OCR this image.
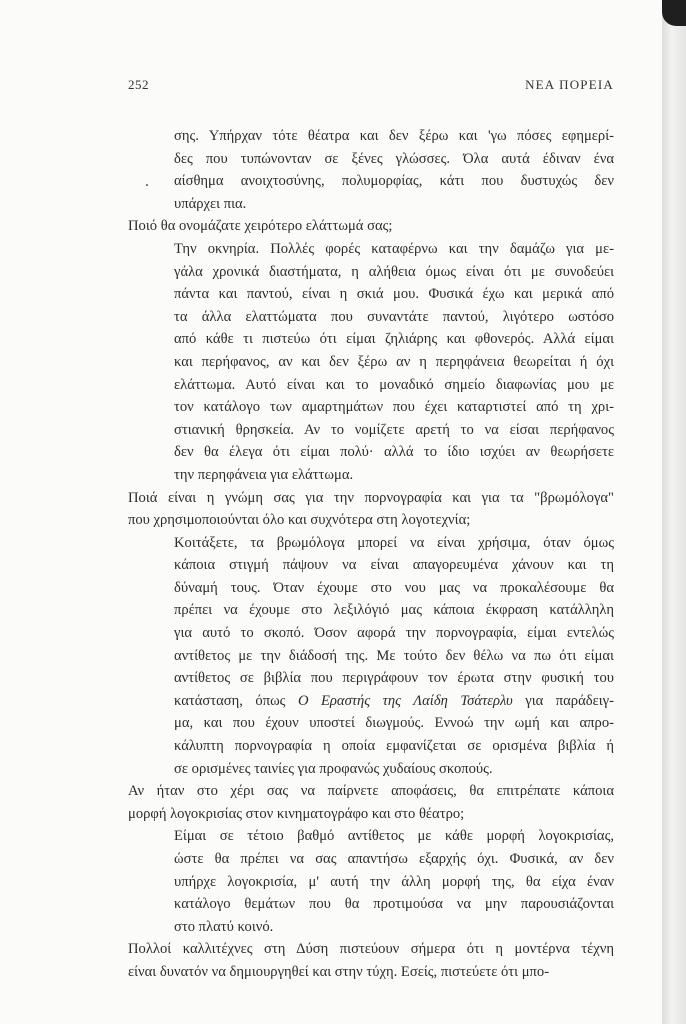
252	ΝΕΑ ΠΟΡΕΙΑ
σης. Υπήρχαν τότε θέατρα και δεν ξέρω και 'γω πόσες εφημερί-
δες που τυπώνονταν σε ξένες γλώσσες. Όλα αυτά έδιναν ένα
αίσθημα ανοιχτοσύνης, πολυμορφίας, κάτι που δυστυχώς δεν
υπάρχει πια.
Ποιό θα ονομάζατε χειρότερο ελάττωμά σας;
Την οκνηρία. Πολλές φορές καταφέρνω και την δαμάζω για με-
γάλα χρονικά διαστήματα, η αλήθεια όμως είναι ότι με συνοδεύει
πάντα και παντού, είναι η σκιά μου. Φυσικά έχω και μερικά από
τα άλλα ελαττώματα που συναντάτε παντού, λιγότερο ωστόσο
από κάθε τι πιστεύω ότι είμαι ζηλιάρης και φθονερός. Αλλά είμαι
και περήφανος, αν και δεν ξέρω αν η περηφάνεια θεωρείται ή όχι
ελάττωμα. Αυτό είναι και το μοναδικό σημείο διαφωνίας μου με
τον κατάλογο των αμαρτημάτων που έχει καταρτιστεί από τη χρι-
στιανική θρησκεία. Αν το νομίζετε αρετή το να είσαι περήφανος
δεν θα έλεγα ότι είμαι πολύ· αλλά το ίδιο ισχύει αν θεωρήσετε
την περηφάνεια για ελάττωμα.
Ποιά είναι η γνώμη σας για την πορνογραφία και για τα "βρωμόλογα"
που χρησιμοποιούνται όλο και συχνότερα στη λογοτεχνία;
Κοιτάξετε, τα βρωμόλογα μπορεί να είναι χρήσιμα, όταν όμως
κάποια στιγμή πάψουν να είναι απαγορευμένα χάνουν και τη
δύναμή τους. Όταν έχουμε στο νου μας να προκαλέσουμε θα
πρέπει να έχουμε στο λεξιλόγιό μας κάποια έκφραση κατάλληλη
για αυτό το σκοπό. Όσον αφορά την πορνογραφία, είμαι εντελώς
αντίθετος με την διάδοσή της. Με τούτο δεν θέλω να πω ότι είμαι
αντίθετος σε βιβλία που περιγράφουν τον έρωτα στην φυσική του
κατάσταση, όπως Ο Εραστής της Λαίδη Τσάτερλυ για παράδειγ-
μα, και που έχουν υποστεί διωγμούς. Εννοώ την ωμή και απρο-
κάλυπτη πορνογραφία η οποία εμφανίζεται σε ορισμένα βιβλία ή
σε ορισμένες ταινίες για προφανώς χυδαίους σκοπούς.
Αν ήταν στο χέρι σας να παίρνετε αποφάσεις, θα επιτρέπατε κάποια
μορφή λογοκρισίας στον κινηματογράφο και στο θέατρο;
Είμαι σε τέτοιο βαθμό αντίθετος με κάθε μορφή λογοκρισίας,
ώστε θα πρέπει να σας απαντήσω εξαρχής όχι. Φυσικά, αν δεν
υπήρχε λογοκρισία, μ' αυτή την άλλη μορφή της, θα είχα έναν
κατάλογο θεμάτων που θα προτιμούσα να μην παρουσιάζονται
στο πλατύ κοινό.
Πολλοί καλλιτέχνες στη Δύση πιστεύουν σήμερα ότι η μοντέρνα τέχνη
είναι δυνατόν να δημιουργηθεί και στην τύχη. Εσείς, πιστεύετε ότι μπο-
